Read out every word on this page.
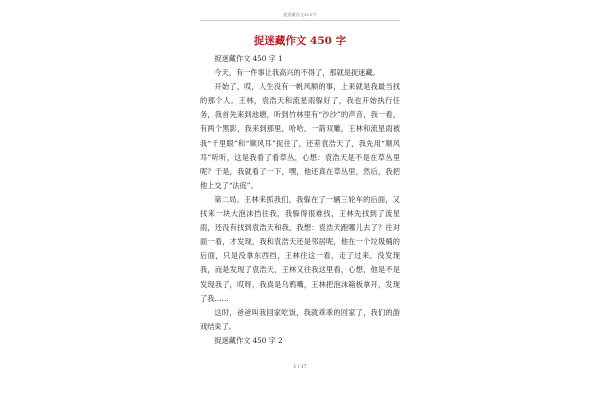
捉迷藏作文450字
捉迷藏作文 450 字

捉迷藏作文 450 字 1

今天，有一件事让我高兴的不得了，那就是捉迷藏。

开始了，哎，人生没有一帆风顺的事，上来就是我最当找的那个人。王林，袁浩天和流星雨躲好了，我也开始执行任务，我首先来到池塘，听到竹林里有“沙沙”的声音，我一看，有两个黑影，我来到那里，哈哈，一箭双雕，王林和流星雨被我“千里眼”和“顺风耳”捉住了，还差袁浩天了，我先用“顺风耳”听听，这是我看了看草丛，心想：袁浩天是不是在草丛里呢？于是，我就看了一下，嘿，他还真在草丛里，然后，我把他上交了“法庭”。

第二局，王林来抓我们，我躲在了一辆三轮车的后面，又找来一块大泡沫挡住我，我躲得很难找，王林先找到了流星雨，还没有找到袁浩天和我，我想：袁浩天跑哪儿去了？往对面一看，才发现，我和袁浩天还是邻居呢，他在一个垃圾桶的后面，只是没拿东西挡，王林往这一看，走了过来，没发现我，而是发现了袁浩天，王林又往我这里看，心想，他是不是发现我了，哎呀，我真是乌鸦嘴，王林把泡沫箱板拿开，发现了我……

这时，爸爸叫我回家吃饭，我就乖乖的回家了，我们的游戏结束了。

捉迷藏作文 450 字 2

1 / 17
